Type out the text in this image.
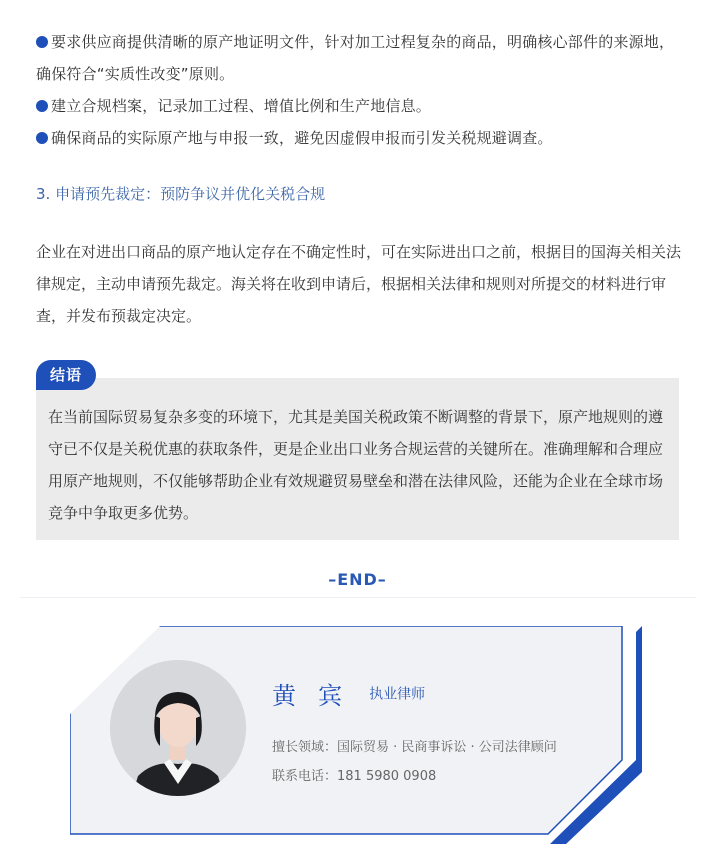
要求供应商提供清晰的原产地证明文件，针对加工过程复杂的商品，明确核心部件的来源地，确保符合“实质性改变”原则。

建立合规档案，记录加工过程、增值比例和生产地信息。

确保商品的实际原产地与申报一致，避免因虚假申报而引发关税规避调查。

3. 申请预先裁定：预防争议并优化关税合规

企业在对进出口商品的原产地认定存在不确定性时，可在实际进出口之前，根据目的国海关相关法律规定，主动申请预先裁定。海关将在收到申请后，根据相关法律和规则对所提交的材料进行审查，并发布预裁定决定。

结语

在当前国际贸易复杂多变的环境下，尤其是美国关税政策不断调整的背景下，原产地规则的遵守已不仅是关税优惠的获取条件，更是企业出口业务合规运营的关键所在。准确理解和合理应用原产地规则，不仅能够帮助企业有效规避贸易壁垒和潜在法律风险，还能为企业在全球市场竞争中争取更多优势。

–END–
黄宾 执业律师
擅长领域：国际贸易 · 民商事诉讼 · 公司法律顾问
联系电话：181 5980 0908
